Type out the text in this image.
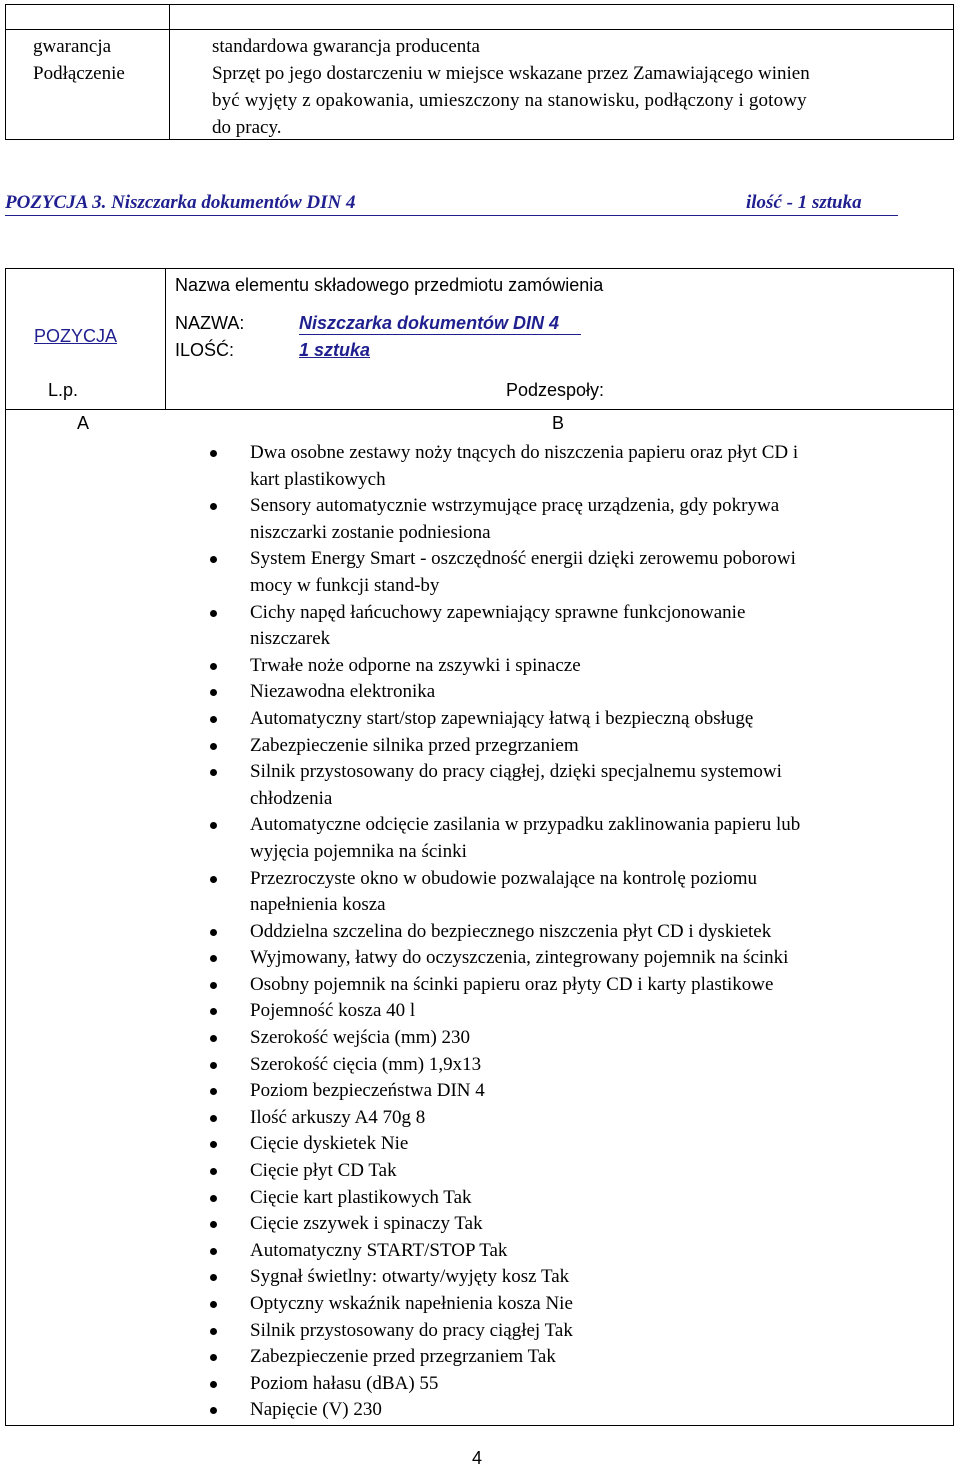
gwarancja
Podłączenie
standardowa gwarancja producenta
Sprzęt po jego dostarczeniu w miejsce wskazane przez Zamawiającego winien
być wyjęty z opakowania, umieszczony na stanowisku, podłączony i gotowy
do pracy.
POZYCJA 3. Niszczarka dokumentów DIN 4	ilość - 1 sztuka
POZYCJA
L.p.
A
Nazwa elementu składowego przedmiotu zamówienia
NAZWA:
ILOŚĆ:
Niszczarka dokumentów DIN 4
1 sztuka
Podzespoły:
B
Dwa osobne zestawy noży tnących do niszczenia papieru oraz płyt CD i
kart plastikowych
Sensory automatycznie wstrzymujące pracę urządzenia, gdy pokrywa
niszczarki zostanie podniesiona
System Energy Smart - oszczędność energii dzięki zerowemu poborowi
mocy w funkcji stand-by
Cichy napęd łańcuchowy zapewniający sprawne funkcjonowanie
niszczarek
Trwałe noże odporne na zszywki i spinacze
Niezawodna elektronika
Automatyczny start/stop zapewniający łatwą i bezpieczną obsługę
Zabezpieczenie silnika przed przegrzaniem
Silnik przystosowany do pracy ciągłej, dzięki specjalnemu systemowi
chłodzenia
Automatyczne odcięcie zasilania w przypadku zaklinowania papieru lub
wyjęcia pojemnika na ścinki
Przezroczyste okno w obudowie pozwalające na kontrolę poziomu
napełnienia kosza
Oddzielna szczelina do bezpiecznego niszczenia płyt CD i dyskietek
Wyjmowany, łatwy do oczyszczenia, zintegrowany pojemnik na ścinki
Osobny pojemnik na ścinki papieru oraz płyty CD i karty plastikowe
Pojemność kosza 40 l
Szerokość wejścia (mm) 230
Szerokość cięcia (mm) 1,9x13
Poziom bezpieczeństwa DIN 4
Ilość arkuszy A4 70g 8
Cięcie dyskietek Nie
Cięcie płyt CD Tak
Cięcie kart plastikowych Tak
Cięcie zszywek i spinaczy Tak
Automatyczny START/STOP Tak
Sygnał świetlny: otwarty/wyjęty kosz Tak
Optyczny wskaźnik napełnienia kosza Nie
Silnik przystosowany do pracy ciągłej Tak
Zabezpieczenie przed przegrzaniem Tak
Poziom hałasu (dBA) 55
Napięcie (V) 230
4
